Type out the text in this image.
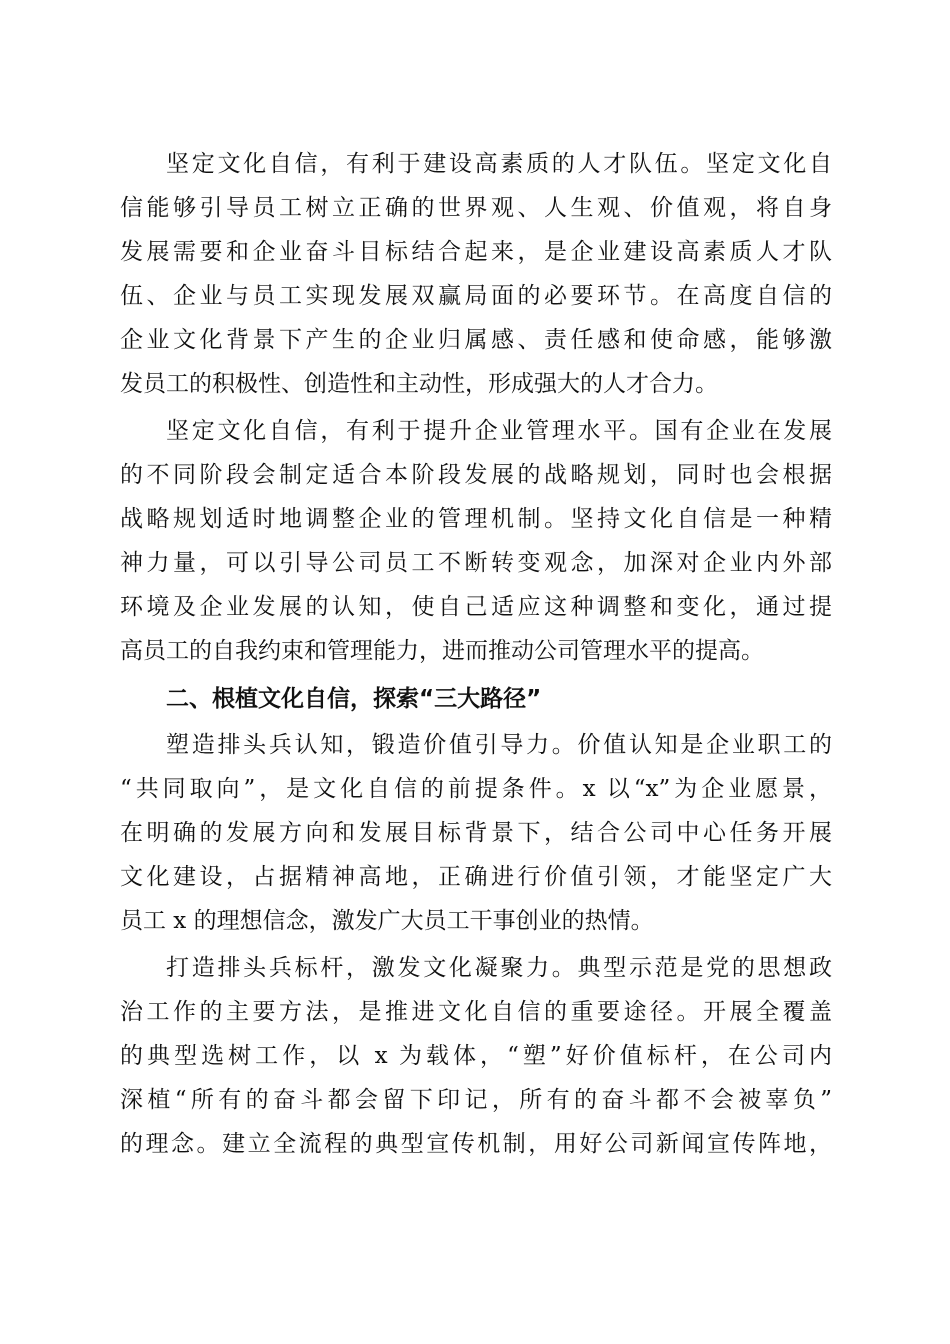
坚定文化自信，有利于建设高素质的人才队伍。坚定文化自

信能够引导员工树立正确的世界观、人生观、价值观，将自身

发展需要和企业奋斗目标结合起来，是企业建设高素质人才队

伍、企业与员工实现发展双赢局面的必要环节。在高度自信的

企业文化背景下产生的企业归属感、责任感和使命感，能够激

发员工的积极性、创造性和主动性，形成强大的人才合力。

坚定文化自信，有利于提升企业管理水平。国有企业在发展

的不同阶段会制定适合本阶段发展的战略规划，同时也会根据

战略规划适时地调整企业的管理机制。坚持文化自信是一种精

神力量，可以引导公司员工不断转变观念，加深对企业内外部

环境及企业发展的认知，使自己适应这种调整和变化，通过提

高员工的自我约束和管理能力，进而推动公司管理水平的提高。

二、根植文化自信，探索“三大路径”

塑造排头兵认知，锻造价值引导力。价值认知是企业职工的

“共同取向”，是文化自信的前提条件。x 以“x”为企业愿景，

在明确的发展方向和发展目标背景下，结合公司中心任务开展

文化建设，占据精神高地，正确进行价值引领，才能坚定广大

员工 x 的理想信念，激发广大员工干事创业的热情。

打造排头兵标杆，激发文化凝聚力。典型示范是党的思想政

治工作的主要方法，是推进文化自信的重要途径。开展全覆盖

的典型选树工作，以 x 为载体，“塑”好价值标杆，在公司内

深植“所有的奋斗都会留下印记，所有的奋斗都不会被辜负”

的理念。建立全流程的典型宣传机制，用好公司新闻宣传阵地，
